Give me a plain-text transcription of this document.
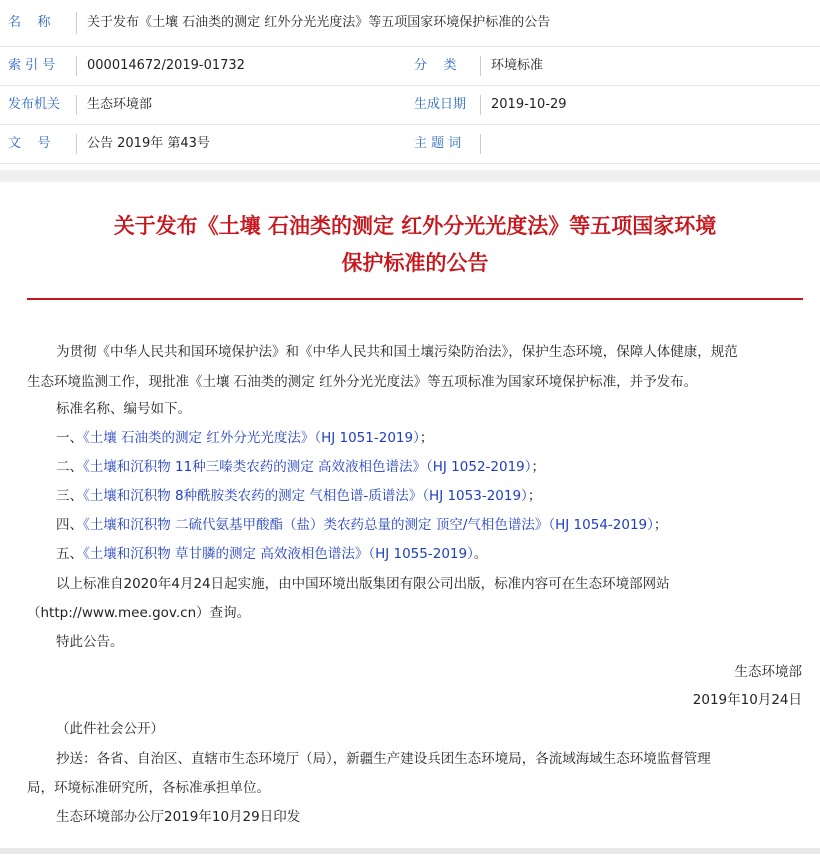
名    称	关于发布《土壤 石油类的测定 红外分光光度法》等五项国家环境保护标准的公告
索 引 号 000014672/2019-01732	分    类	环境标准
发布机关 生态环境部	生成日期 2019-10-29
文    号	公告 2019年 第43号	主 题 词
关于发布《土壤 石油类的测定 红外分光光度法》等五项国家环境
保护标准的公告
为贯彻《中华人民共和国环境保护法》和《中华人民共和国土壤污染防治法》，保护生态环境，保障人体健康，规范
生态环境监测工作，现批准《土壤 石油类的测定 红外分光光度法》等五项标准为国家环境保护标准，并予发布。
标准名称、编号如下。
一、《土壤 石油类的测定 红外分光光度法》（HJ 1051-2019）；
二、《土壤和沉积物 11种三嗪类农药的测定 高效液相色谱法》（HJ 1052-2019）；
三、《土壤和沉积物 8种酰胺类农药的测定 气相色谱-质谱法》（HJ 1053-2019）；
四、《土壤和沉积物 二硫代氨基甲酸酯（盐）类农药总量的测定 顶空/气相色谱法》（HJ 1054-2019）；
五、《土壤和沉积物 草甘膦的测定 高效液相色谱法》（HJ 1055-2019）。
以上标准自2020年4月24日起实施，由中国环境出版集团有限公司出版，标准内容可在生态环境部网站
（http://www.mee.gov.cn）查询。
特此公告。
生态环境部
2019年10月24日
（此件社会公开）
抄送：各省、自治区、直辖市生态环境厅（局），新疆生产建设兵团生态环境局，各流域海域生态环境监督管理
局，环境标准研究所，各标准承担单位。
生态环境部办公厅2019年10月29日印发
